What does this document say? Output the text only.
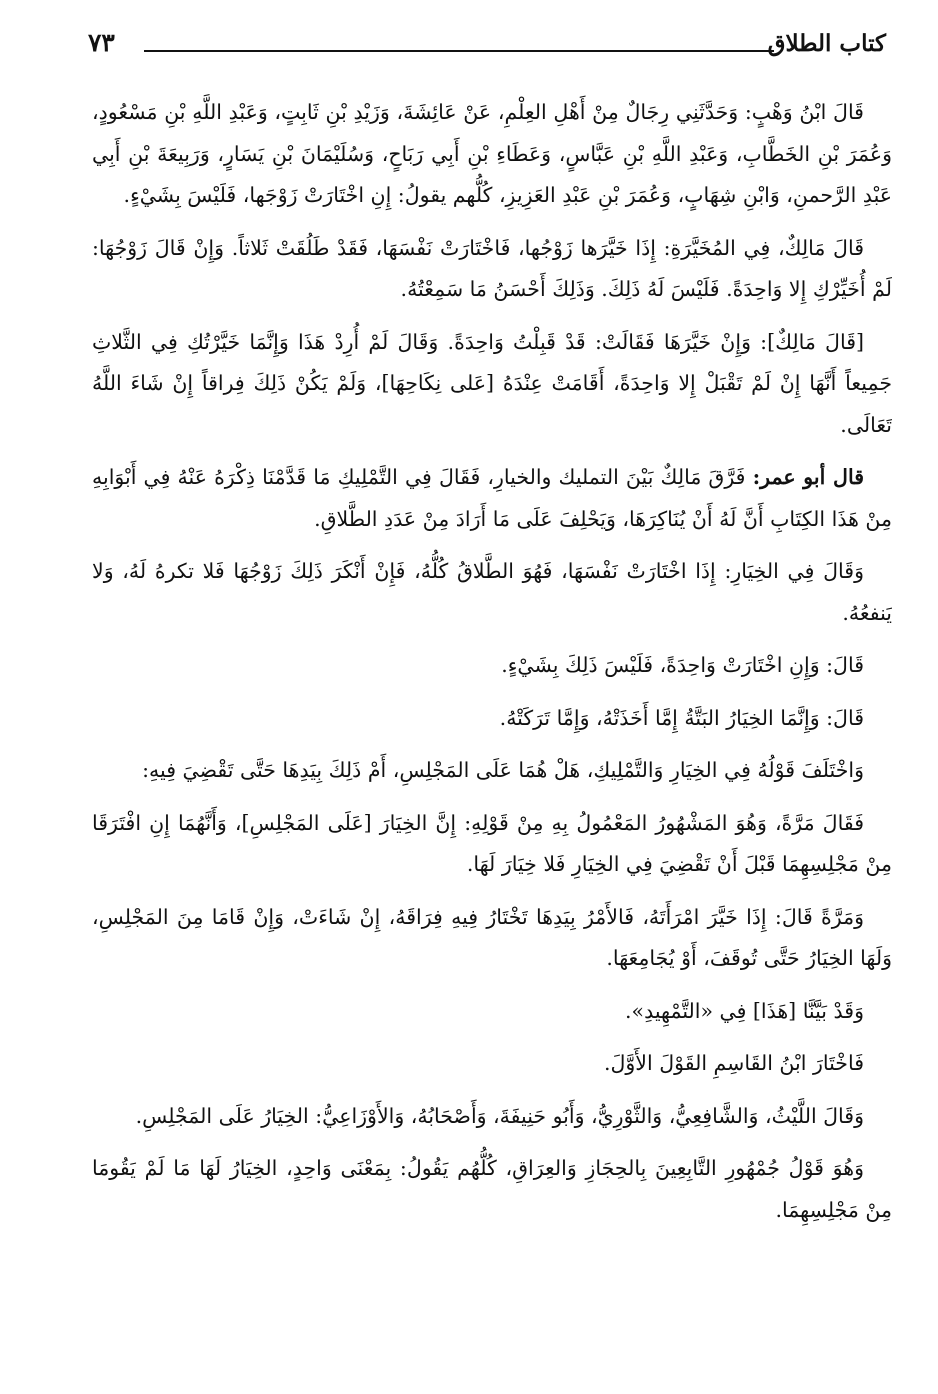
كتاب الطلاق
٧٣

قَالَ ابْنُ وَهْبٍ: وَحَدَّثَنِي رِجَالٌ مِنْ أَهْلِ العِلْمِ، عَنْ عَائِشَةَ، وَزَيْدِ بْنِ ثَابِتٍ، وَعَبْدِ اللَّهِ بْنِ مَسْعُودٍ، وَعُمَرَ بْنِ الخَطَّابِ، وَعَبْدِ اللَّهِ بْنِ عَبَّاسٍ، وَعَطَاءِ بْنِ أَبِي رَبَاحٍ، وَسُلَيْمَانَ بْنِ يَسَارٍ، وَرَبِيعَةَ بْنِ أَبِي عَبْدِ الرَّحمنِ، وَابْنِ شِهَابٍ، وَعُمَرَ بْنِ عَبْدِ العَزِيزِ، كُلُّهم يقولُ: إِنِ اخْتَارَتْ زَوْجَها، فَلَيْسَ بِشَيْءٍ.

قَالَ مَالِكٌ، فِي المُخَيَّرَةِ: إِذَا خَيَّرَها زَوْجُها، فَاخْتَارَتْ نَفْسَهَا، فَقَدْ طَلُقَتْ ثَلاثاً. وَإِنْ قَالَ زَوْجُهَا: لَمْ أُخَيِّرْكِ إِلا وَاحِدَةً. فَلَيْسَ لَهُ ذَلِكَ. وَذَلِكَ أَحْسَنُ مَا سَمِعْتُهُ.

[قَالَ مَالِكٌ]: وَإِنْ خَيَّرَهَا فَقَالَتْ: قَدْ قَبِلْتُ وَاحِدَةً. وَقَالَ لَمْ أُرِدْ هَذَا وَإِنَّمَا خَيَّرْتُكِ فِي الثَّلاثِ جَمِيعاً أَنَّهَا إِنْ لَمْ تَقْبَلْ إِلا وَاحِدَةً، أَقَامَتْ عِنْدَهُ [عَلى نِكَاحِهَا]، وَلَمْ يَكُنْ ذَلِكَ فِراقاً إِنْ شَاءَ اللَّهُ تَعَالَى.

قال أبو عمر: فَرَّقَ مَالِكٌ بَيْنَ التمليك والخيارِ، فَقَالَ فِي التَّمْلِيكِ مَا قَدَّمْنَا ذِكْرَهُ عَنْهُ فِي أَبْوَابِهِ مِنْ هَذَا الكِتَابِ أَنَّ لَهُ أَنْ يُنَاكِرَهَا، وَيَحْلِفَ عَلَى مَا أَرَادَ مِنْ عَدَدِ الطَّلاقِ.

وَقَالَ فِي الخِيَارِ: إِذَا اخْتَارَتْ نَفْسَهَا، فَهُوَ الطَّلاقُ كُلُّهُ، فَإِنْ أَنْكَرَ ذَلِكَ زَوْجُهَا فَلا تكرهُ لَهُ، وَلا يَنفعُهُ.

قَالَ: وَإِنِ اخْتَارَتْ وَاحِدَةً، فَلَيْسَ ذَلِكَ بِشَيْءٍ.

قَالَ: وَإِنَّمَا الخِيَارُ البَتَّةُ إِمَّا أَخَذَتْهُ، وَإِمَّا تَرَكَتْهُ.

وَاخْتَلَفَ قَوْلُهُ فِي الخِيَارِ وَالتَّمْلِيكِ، هَلْ هُمَا عَلَى المَجْلِسِ، أَمْ ذَلِكَ بِيَدِهَا حَتَّى تَقْضِيَ فِيهِ:

فَقَالَ مَرَّةً، وَهُوَ المَشْهُورُ المَعْمُولُ بِهِ مِنْ قَوْلِهِ: إِنَّ الخِيَارَ [عَلَى المَجْلِسِ]، وَأَنَّهُمَا إِنِ افْتَرَقَا مِنْ مَجْلِسِهِمَا قَبْلَ أَنْ تَقْضِيَ فِي الخِيَارِ فَلا خِيَارَ لَهَا.

وَمَرَّةً قَالَ: إِذَا خَيَّرَ امْرَأَتَهُ، فَالأَمْرُ بِيَدِهَا تَخْتَارُ فِيهِ فِرَاقَهُ، إِنْ شَاءَتْ، وَإِنْ قَامَا مِنَ المَجْلِسِ، وَلَهَا الخِيَارُ حَتَّى تُوقَفَ، أَوْ يُجَامِعَهَا.

وَقَدْ بَيَّنَّا [هَذَا] فِي «التَّمْهِيدِ».

فَاخْتَارَ ابْنُ القَاسِمِ القَوْلَ الأَوَّلَ.

وَقَالَ اللَّيْثُ، وَالشَّافِعِيُّ، وَالثَّوْرِيُّ، وَأَبُو حَنِيفَةَ، وَأَصْحَابُهُ، وَالأَوْزَاعِيُّ: الخِيَارُ عَلَى المَجْلِسِ.

وَهُوَ قَوْلُ جُمْهُورِ التَّابِعِينَ بِالحِجَازِ وَالعِرَاقِ، كُلُّهُم يَقُولُ: بِمَعْنَى وَاحِدٍ، الخِيَارُ لَهَا مَا لَمْ يَقُومَا مِنْ مَجْلِسِهِمَا.
